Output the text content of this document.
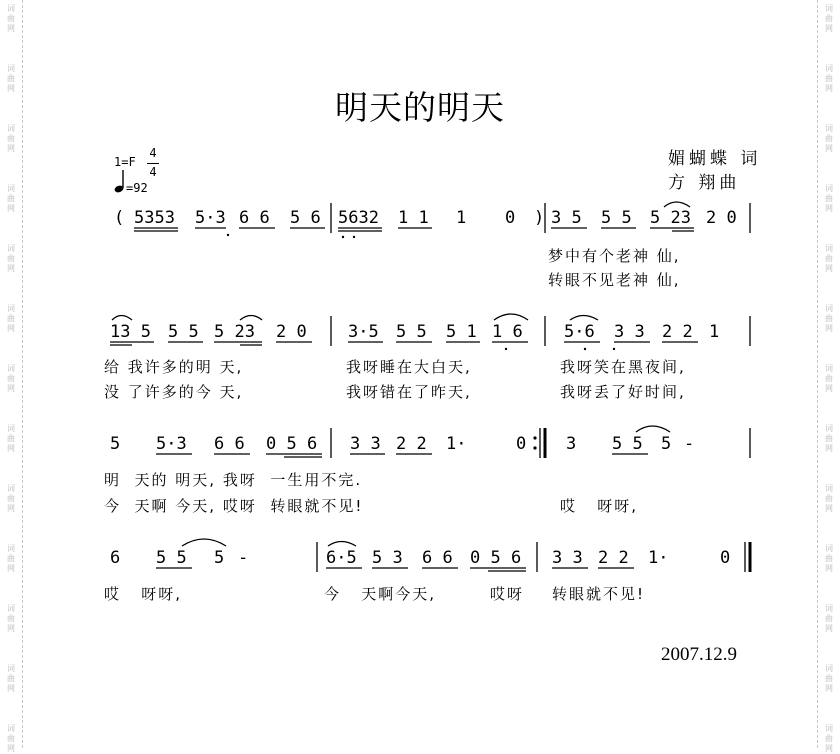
词
曲
网
词
曲
网
词
曲
网
词
曲
网
词
曲
网
词
曲
网
词
曲
网
词
曲
网
词
曲
网
词
曲
网
词
曲
网
词
曲
网
词
曲
网
词
曲
网
词
曲
网
词
曲
网
词
曲
网
词
曲
网
词
曲
网
词
曲
网
词
曲
网
词
曲
网
词
曲
网
词
曲
网
词
曲
网
词
曲
网
明天的明天
媚蝴蝶 词
方 翔曲
1=F
4
4
=92
( 5353 5·3 6 6 5 6 5632 1 1 1 0 ) 3 5 5 5 5 23 2 0
梦中有个老神 仙,
转眼不见老神 仙,
13 5 5 5 5 23 2 0 3·5 5 5 5 1 1 6 5·6 3 3 2 2 1
给 我许多的明 天,	我呀睡在大白天,	我呀笑在黑夜间,
没 了许多的今 天,	我呀错在了昨天,	我呀丢了好时间,
5 5·3 6 6 0 5 6 3 3 2 2 1·	0 3 5 5 5 -
明  天的 明天, 我呀  一生用不完.
今  天啊 今天, 哎呀  转眼就不见!	哎   呀呀,
6 5 5 5 -	6·5 5 3 6 6 0 5 6 3 3 2 2 1·	0
哎   呀呀,	今   天啊今天,	哎呀 转眼就不见!
2007.12.9
